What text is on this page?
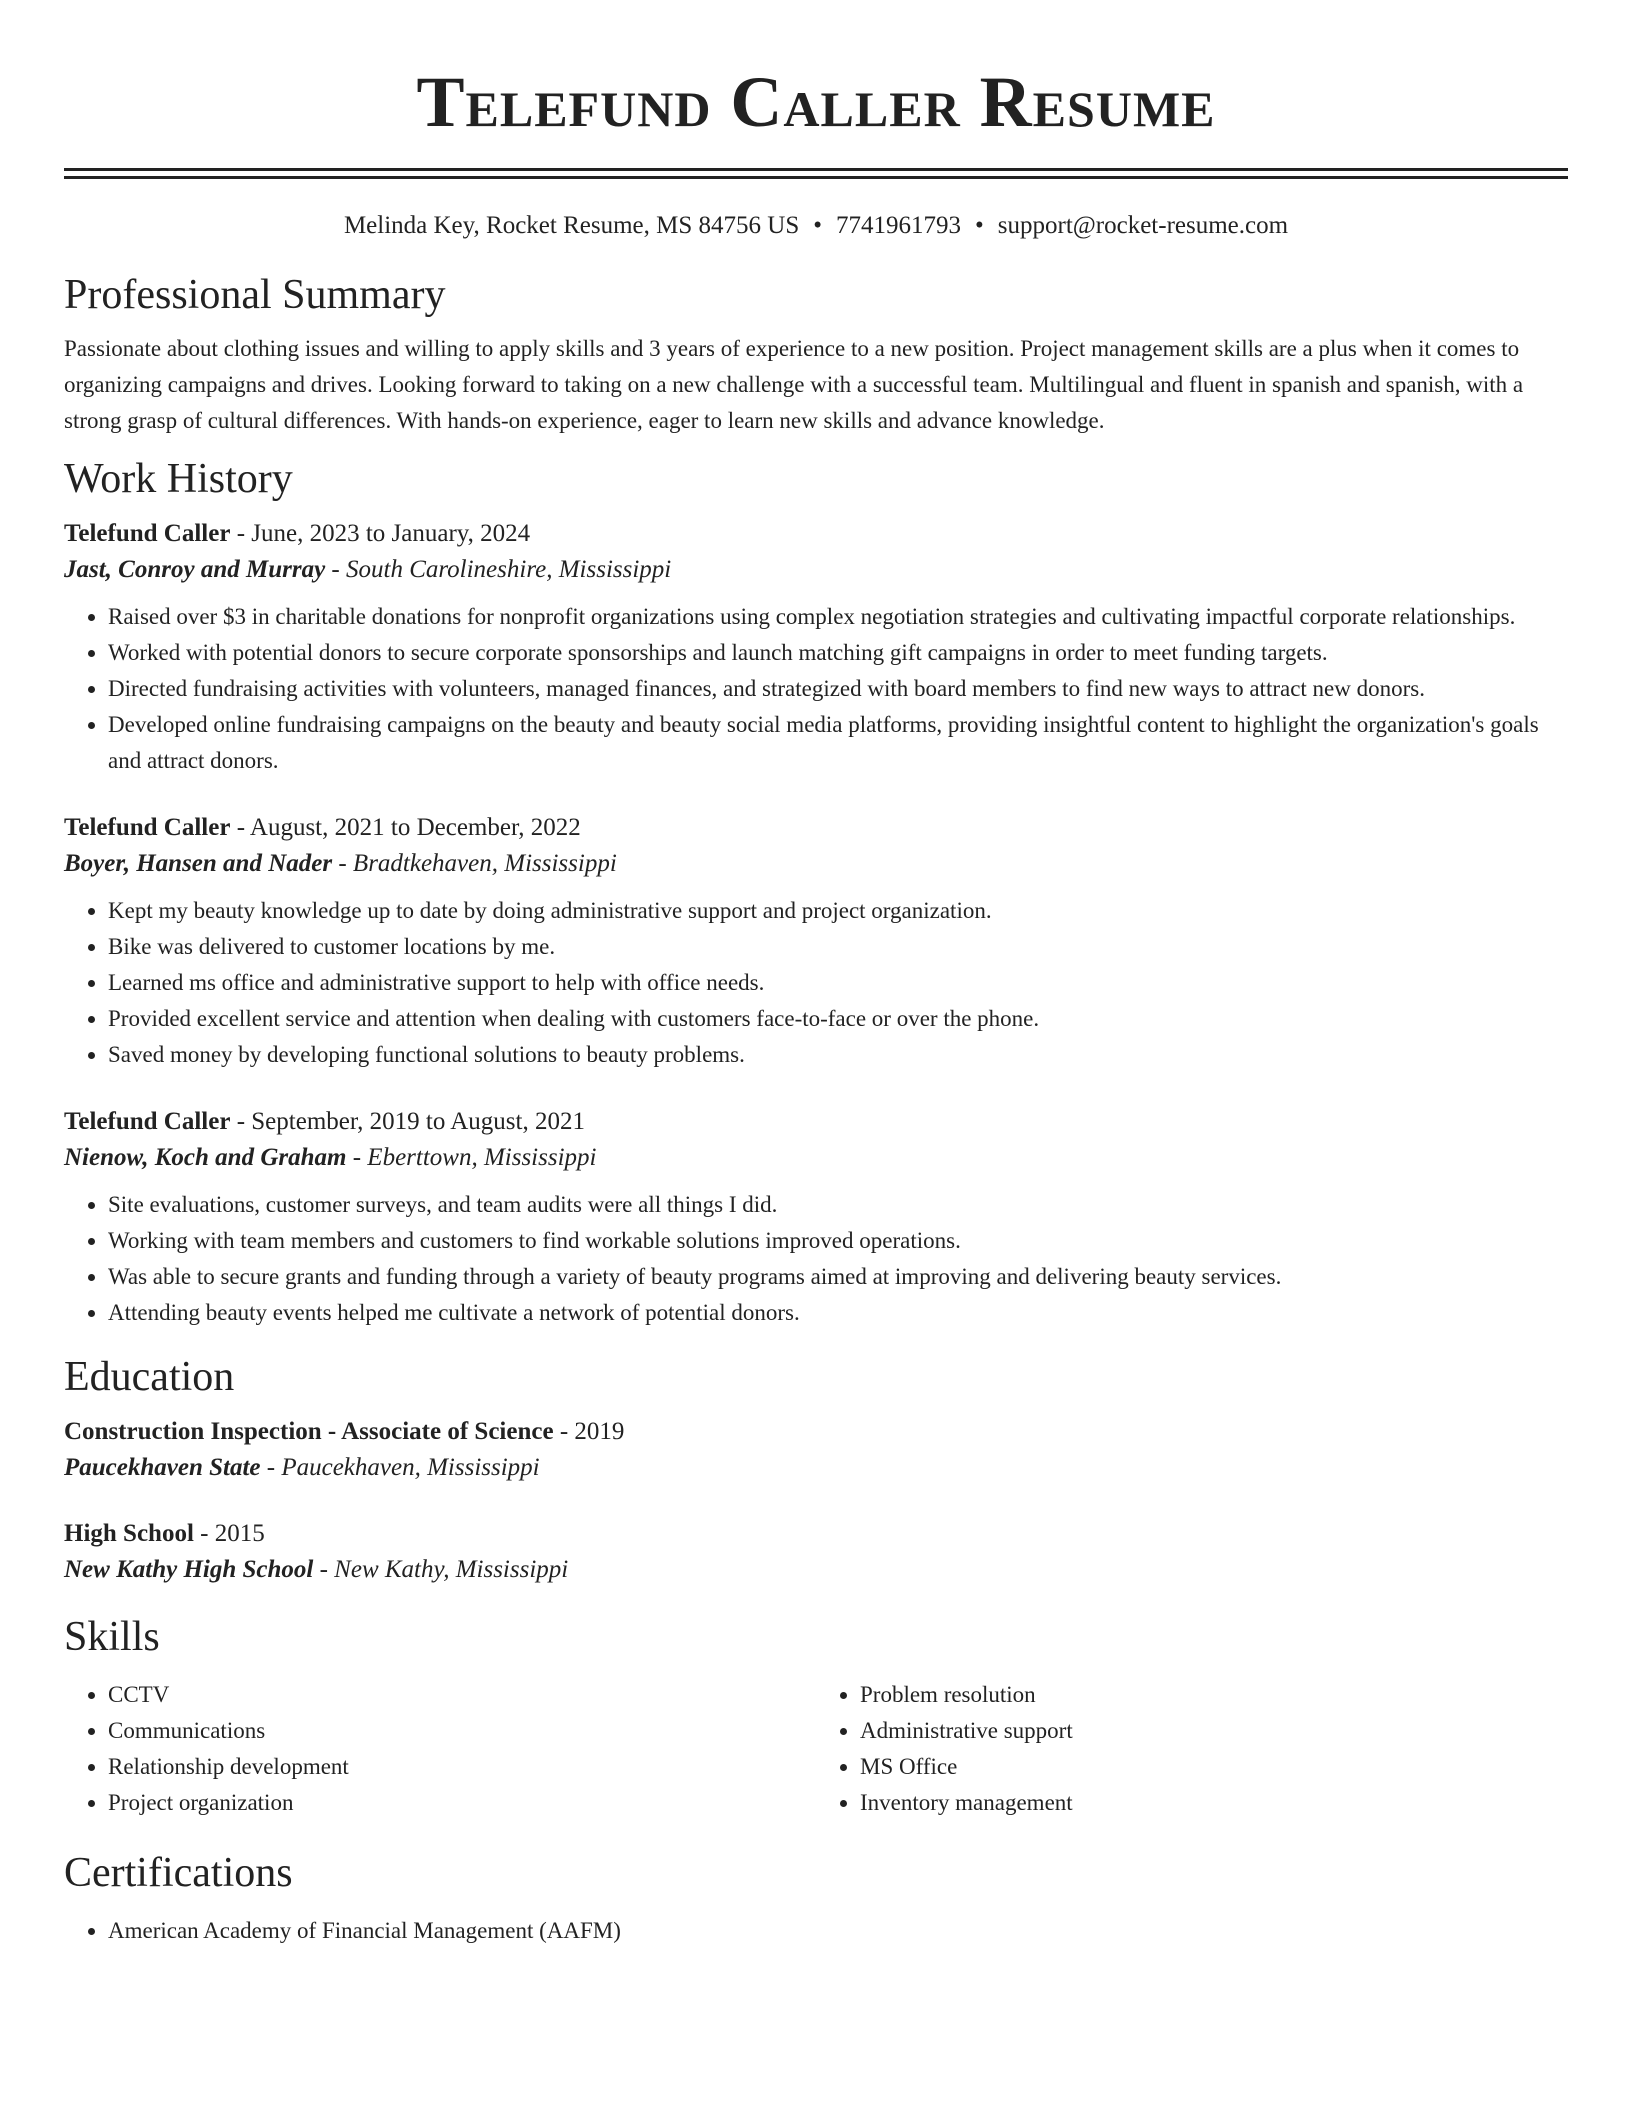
Telefund Caller Resume
Melinda Key, Rocket Resume, MS 84756 US • 7741961793 • support@rocket-resume.com
Professional Summary

Passionate about clothing issues and willing to apply skills and 3 years of experience to a new position. Project management skills are a plus when it comes to organizing campaigns and drives. Looking forward to taking on a new challenge with a successful team. Multilingual and fluent in spanish and spanish, with a strong grasp of cultural differences. With hands-on experience, eager to learn new skills and advance knowledge.

Work History
Telefund Caller - June, 2023 to January, 2024
Jast, Conroy and Murray - South Carolineshire, Mississippi
• Raised over $3 in charitable donations for nonprofit organizations using complex negotiation strategies and cultivating impactful corporate relationships.
• Worked with potential donors to secure corporate sponsorships and launch matching gift campaigns in order to meet funding targets.
• Directed fundraising activities with volunteers, managed finances, and strategized with board members to find new ways to attract new donors.
• Developed online fundraising campaigns on the beauty and beauty social media platforms, providing insightful content to highlight the organization's goals and attract donors.
Telefund Caller - August, 2021 to December, 2022
Boyer, Hansen and Nader - Bradtkehaven, Mississippi
• Kept my beauty knowledge up to date by doing administrative support and project organization.
• Bike was delivered to customer locations by me.
• Learned ms office and administrative support to help with office needs.
• Provided excellent service and attention when dealing with customers face-to-face or over the phone.
• Saved money by developing functional solutions to beauty problems.
Telefund Caller - September, 2019 to August, 2021
Nienow, Koch and Graham - Eberttown, Mississippi
• Site evaluations, customer surveys, and team audits were all things I did.
• Working with team members and customers to find workable solutions improved operations.
• Was able to secure grants and funding through a variety of beauty programs aimed at improving and delivering beauty services.
• Attending beauty events helped me cultivate a network of potential donors.
Education
Construction Inspection - Associate of Science - 2019
Paucekhaven State - Paucekhaven, Mississippi
High School - 2015
New Kathy High School - New Kathy, Mississippi
Skills
• CCTV
• Communications
• Relationship development
• Project organization
• Problem resolution
• Administrative support
• MS Office
• Inventory management
Certifications
• American Academy of Financial Management (AAFM)
